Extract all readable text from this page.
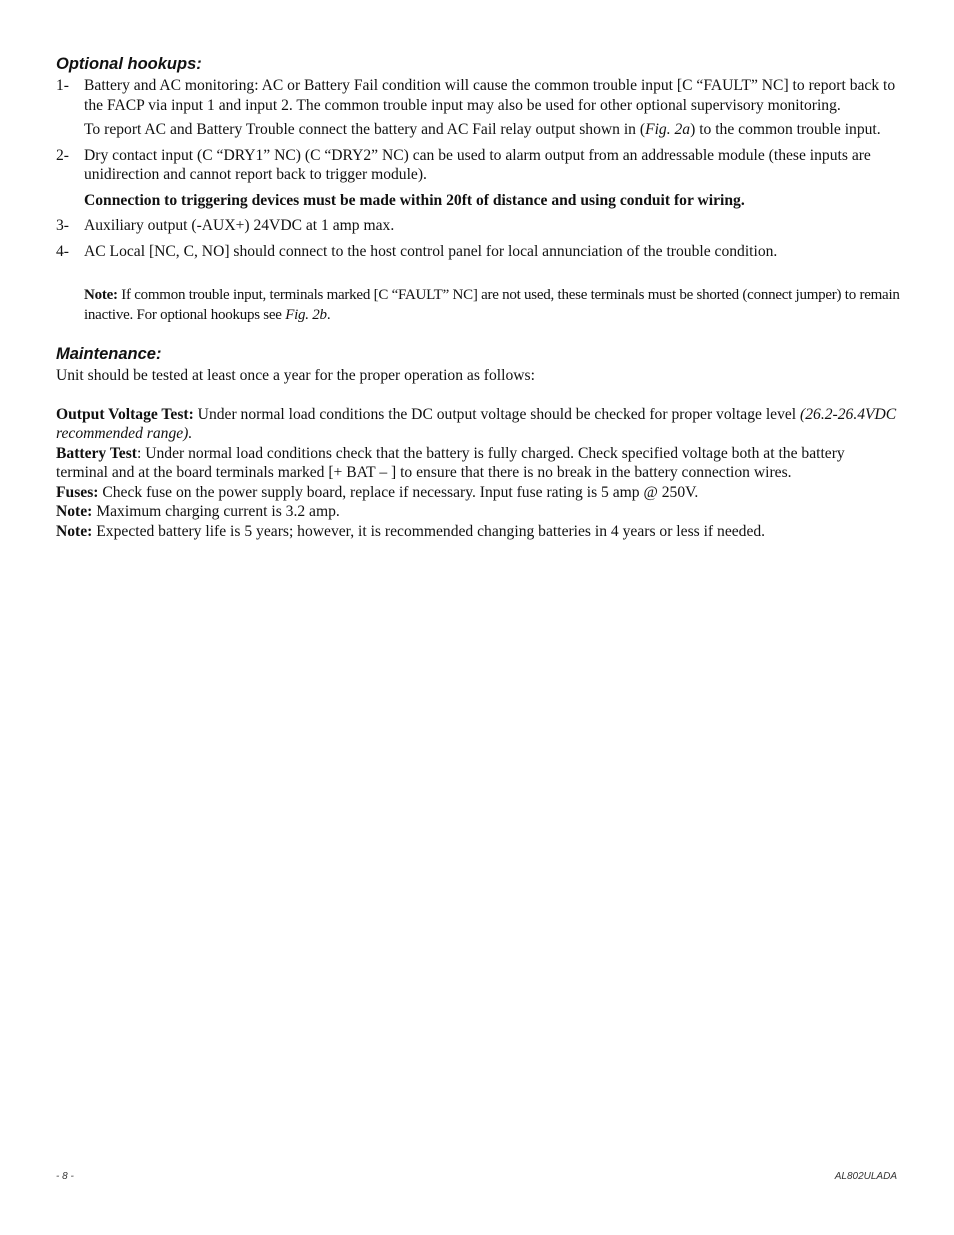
Optional hookups:
1- Battery and AC monitoring: AC or Battery Fail condition will cause the common trouble input [C “FAULT” NC] to report back to the FACP via input 1 and input 2. The common trouble input may also be used for other optional supervisory monitoring.
To report AC and Battery Trouble connect the battery and AC Fail relay output shown in (Fig. 2a) to the common trouble input.
2- Dry contact input (C “DRY1” NC) (C “DRY2” NC) can be used to alarm output from an addressable module (these inputs are unidirection and cannot report back to trigger module).
Connection to triggering devices must be made within 20ft of distance and using conduit for wiring.
3- Auxiliary output (-AUX+) 24VDC at 1 amp max.
4- AC Local [NC, C, NO] should connect to the host control panel for local annunciation of the trouble condition.
Note: If common trouble input, terminals marked [C “FAULT” NC] are not used, these terminals must be shorted (connect jumper) to remain inactive. For optional hookups see Fig. 2b.
Maintenance:

Unit should be tested at least once a year for the proper operation as follows:

Output Voltage Test: Under normal load conditions the DC output voltage should be checked for proper voltage level (26.2-26.4VDC recommended range).

Battery Test: Under normal load conditions check that the battery is fully charged. Check specified voltage both at the battery terminal and at the board terminals marked [+ BAT – ] to ensure that there is no break in the battery connection wires.

Fuses: Check fuse on the power supply board, replace if necessary. Input fuse rating is 5 amp @ 250V.

Note: Maximum charging current is 3.2 amp.

Note: Expected battery life is 5 years; however, it is recommended changing batteries in 4 years or less if needed.

- 8 -	AL802ULADA
